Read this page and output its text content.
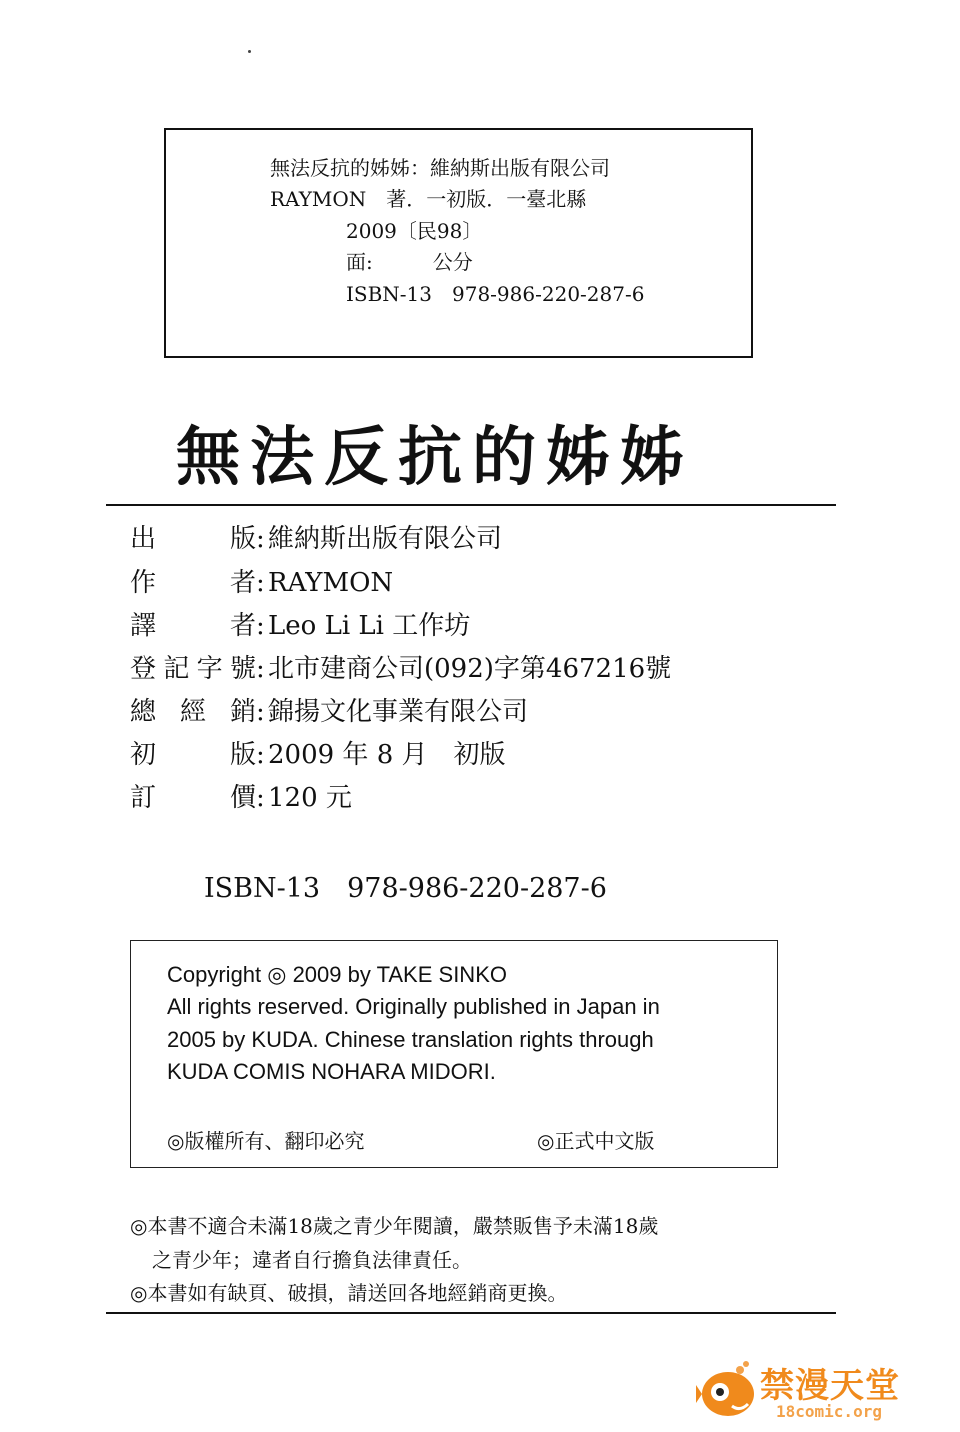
無法反抗的姊姊：維納斯出版有限公司
RAYMON　著．一初版．一臺北縣
2009〔民98〕
面:　　　公分
ISBN-13　978-986-220-287-6
無法反抗的姊姊
出版: 維納斯出版有限公司
作者: RAYMON
譯者: Leo Li Li 工作坊
登記字號: 北市建商公司(092)字第467216號
總經銷: 錦揚文化事業有限公司
初版: 2009 年 8 月　初版
訂價: 120 元
ISBN-13　978-986-220-287-6
Copyright ◎ 2009 by TAKE SINKO
All rights reserved. Originally published in Japan in
2005 by KUDA. Chinese translation rights through
KUDA COMIS NOHARA MIDORI.
◎版權所有、翻印必究	◎正式中文版
◎本書不適合未滿18歲之青少年閱讀，嚴禁販售予未滿18歲
之青少年；違者自行擔負法律責任。
◎本書如有缺頁、破損，請送回各地經銷商更換。
禁漫天堂
18comic.org
